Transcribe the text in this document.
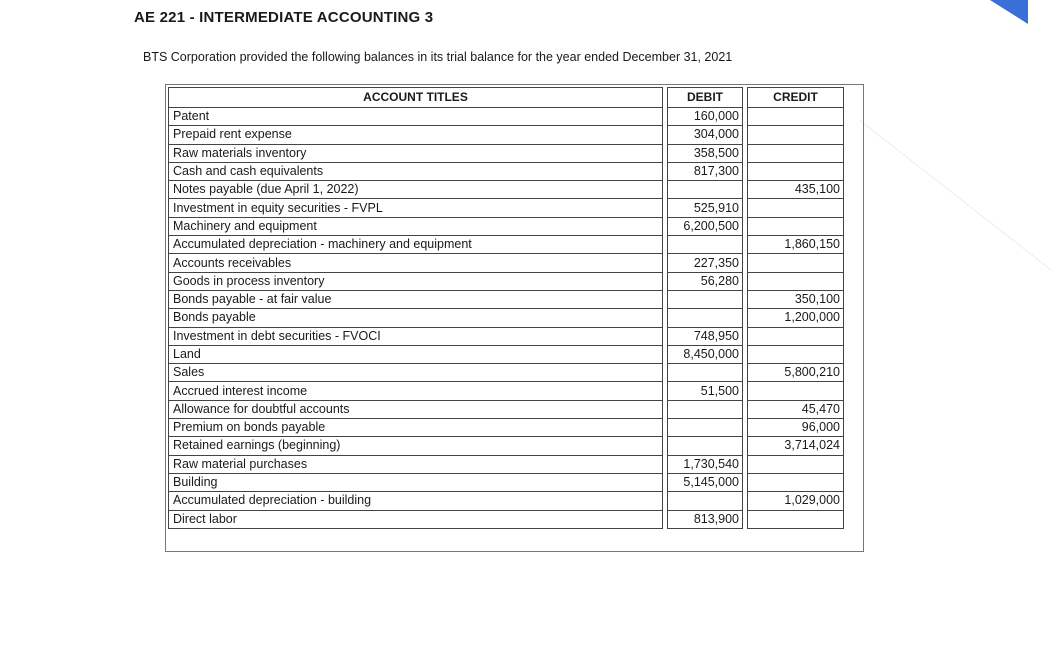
AE 221 - INTERMEDIATE ACCOUNTING 3
BTS Corporation provided the following balances in its trial balance for the year ended December 31, 2021
ACCOUNT TITLES		DEBIT		CREDIT
Patent		160,000		
Prepaid rent expense		304,000		
Raw materials inventory		358,500		
Cash and cash equivalents		817,300		
Notes payable (due April 1, 2022)				435,100
Investment in equity securities - FVPL		525,910		
Machinery and equipment		6,200,500		
Accumulated depreciation - machinery and equipment				1,860,150
Accounts receivables		227,350		
Goods in process inventory		56,280		
Bonds payable - at fair value				350,100
Bonds payable				1,200,000
Investment in debt securities - FVOCI		748,950		
Land		8,450,000		
Sales				5,800,210
Accrued interest income		51,500		
Allowance for doubtful accounts				45,470
Premium on bonds payable				96,000
Retained earnings (beginning)				3,714,024
Raw material purchases		1,730,540		
Building		5,145,000		
Accumulated depreciation - building				1,029,000
Direct labor		813,900		
